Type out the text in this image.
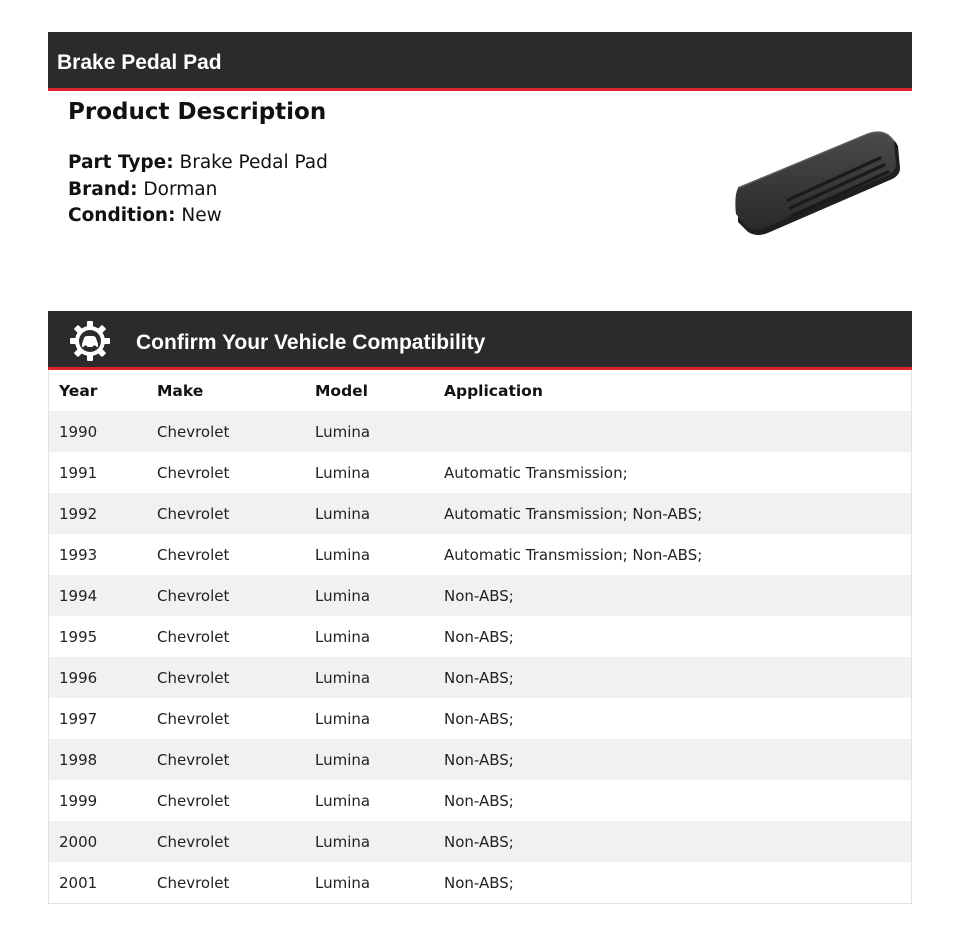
Brake Pedal Pad
Product Description
Part Type: Brake Pedal Pad
Brand: Dorman
Condition: New
Confirm Your Vehicle Compatibility
Year	Make	Model	Application
1990	Chevrolet	Lumina	
1991	Chevrolet	Lumina	Automatic Transmission;
1992	Chevrolet	Lumina	Automatic Transmission; Non-ABS;
1993	Chevrolet	Lumina	Automatic Transmission; Non-ABS;
1994	Chevrolet	Lumina	Non-ABS;
1995	Chevrolet	Lumina	Non-ABS;
1996	Chevrolet	Lumina	Non-ABS;
1997	Chevrolet	Lumina	Non-ABS;
1998	Chevrolet	Lumina	Non-ABS;
1999	Chevrolet	Lumina	Non-ABS;
2000	Chevrolet	Lumina	Non-ABS;
2001	Chevrolet	Lumina	Non-ABS;
